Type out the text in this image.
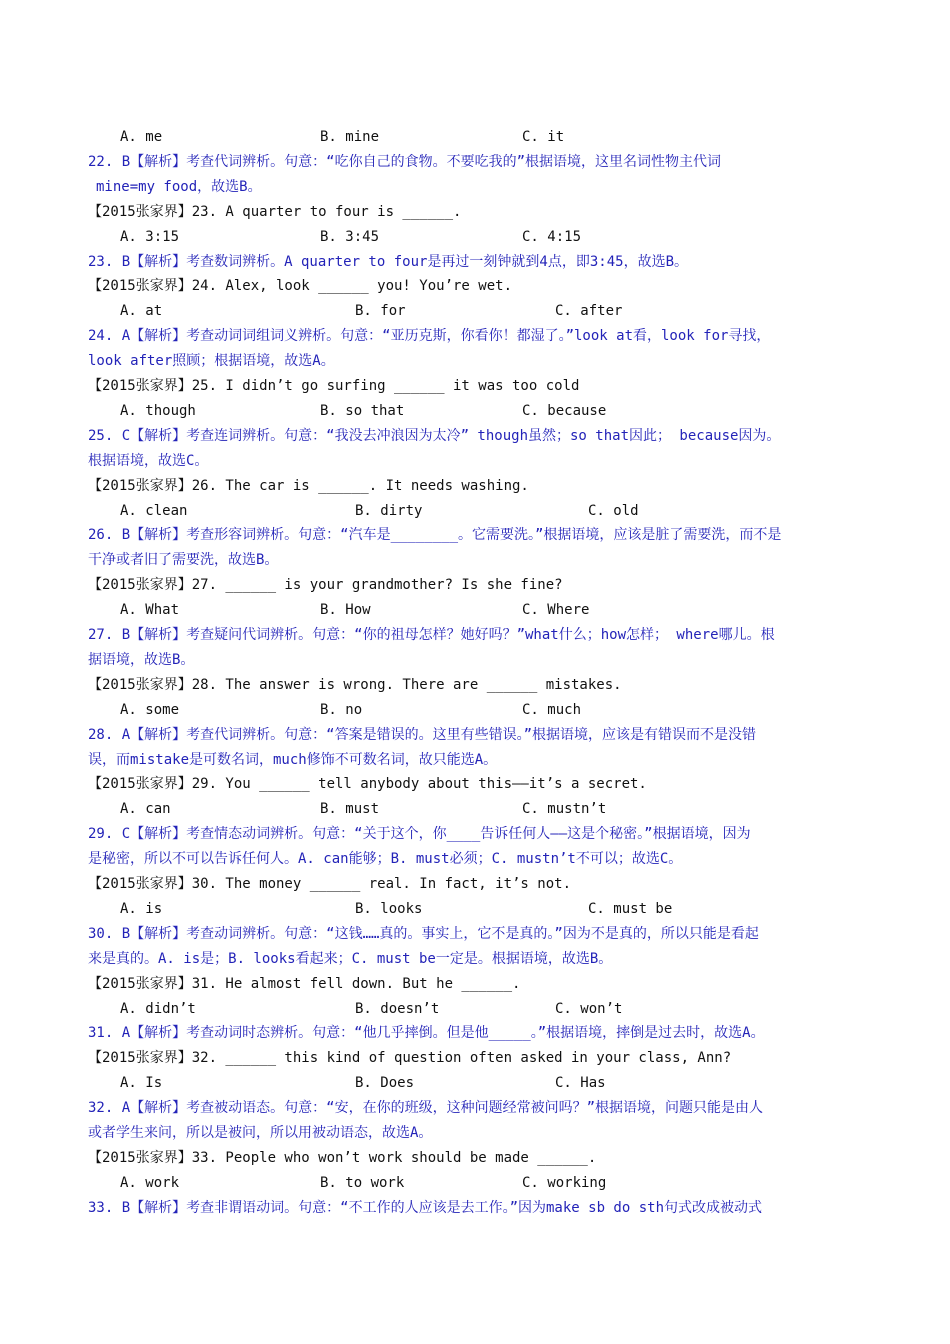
A. me	B. mine	C. it
22. B【解析】考查代词辨析。句意：“吃你自己的食物。不要吃我的”根据语境，这里名词性物主代词
mine=my food，故选B。
【2015张家界】23. A quarter to four is ______.
A. 3:15	B. 3:45	C. 4:15
23. B【解析】考查数词辨析。A quarter to four是再过一刻钟就到4点，即3:45，故选B。
【2015张家界】24. Alex, look ______ you! You’re wet.
A. at	B. for	C. after
24. A【解析】考查动词词组词义辨析。句意：“亚历克斯，你看你！都湿了。”look at看，look for寻找，
look after照顾；根据语境，故选A。
【2015张家界】25. I didn’t go surfing ______ it was too cold
A. though	B. so that	C. because
25. C【解析】考查连词辨析。句意：“我没去冲浪因为太冷” though虽然；so that因此； because因为。
根据语境，故选C。
【2015张家界】26. The car is ______. It needs washing.
A. clean	B. dirty	C. old
26. B【解析】考查形容词辨析。句意：“汽车是________。它需要洗。”根据语境，应该是脏了需要洗，而不是
干净或者旧了需要洗，故选B。
【2015张家界】27. ______ is your grandmother? Is she fine?
A. What	B. How	C. Where
27. B【解析】考查疑问代词辨析。句意：“你的祖母怎样？她好吗？”what什么；how怎样； where哪儿。根
据语境，故选B。
【2015张家界】28. The answer is wrong. There are ______ mistakes.
A. some	B. no	C. much
28. A【解析】考查代词辨析。句意：“答案是错误的。这里有些错误。”根据语境，应该是有错误而不是没错
误，而mistake是可数名词，much修饰不可数名词，故只能选A。
【2015张家界】29. You ______ tell anybody about this——it’s a secret.
A. can	B. must	C. mustn’t
29. C【解析】考查情态动词辨析。句意：“关于这个，你____告诉任何人——这是个秘密。”根据语境，因为
是秘密，所以不可以告诉任何人。A. can能够；B. must必须；C. mustn’t不可以；故选C。
【2015张家界】30. The money ______ real. In fact, it’s not.
A. is	B. looks	C. must be
30. B【解析】考查动词辨析。句意：“这钱……真的。事实上，它不是真的。”因为不是真的，所以只能是看起
来是真的。A. is是；B. looks看起来；C. must be一定是。根据语境，故选B。
【2015张家界】31. He almost fell down. But he ______.
A. didn’t	B. doesn’t	C. won’t
31. A【解析】考查动词时态辨析。句意：“他几乎摔倒。但是他_____。”根据语境，摔倒是过去时，故选A。
【2015张家界】32. ______ this kind of question often asked in your class, Ann?
A. Is	B. Does	C. Has
32. A【解析】考查被动语态。句意：“安，在你的班级，这种问题经常被问吗？”根据语境，问题只能是由人
或者学生来问，所以是被问，所以用被动语态，故选A。
【2015张家界】33. People who won’t work should be made ______.
A. work	B. to work	C. working
33. B【解析】考查非谓语动词。句意：“不工作的人应该是去工作。”因为make sb do sth句式改成被动式
